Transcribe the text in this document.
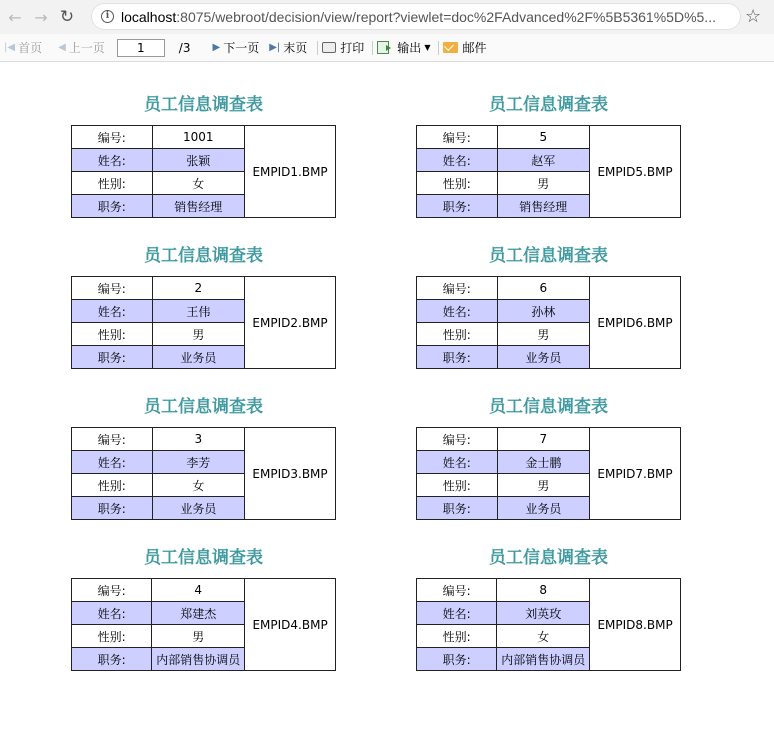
← → ↻	i localhost:8075/webroot/decision/view/report?viewlet=doc%2FAdvanced%2F%5B5361%5D%5... ☆
|◀ 首页 ◀ 上一页	1	/3 ▶ 下一页 ▶| 末页	打印	输出 ▼	邮件
员工信息调查表
编号:	1001	EMPID1.BMP
姓名:	张颖	
性别:	女	
职务:	销售经理	
员工信息调查表
编号:	5	EMPID5.BMP
姓名:	赵军	
性别:	男	
职务:	销售经理	
员工信息调查表
编号:	2	EMPID2.BMP
姓名:	王伟	
性别:	男	
职务:	业务员	
员工信息调查表
编号:	6	EMPID6.BMP
姓名:	孙林	
性别:	男	
职务:	业务员	
员工信息调查表
编号:	3	EMPID3.BMP
姓名:	李芳	
性别:	女	
职务:	业务员	
员工信息调查表
编号:	7	EMPID7.BMP
姓名:	金士鹏	
性别:	男	
职务:	业务员	
员工信息调查表
编号:	4	EMPID4.BMP
姓名:	郑建杰	
性别:	男	
职务:	内部销售协调员	
员工信息调查表
编号:	8	EMPID8.BMP
姓名:	刘英玫	
性别:	女	
职务:	内部销售协调员	
